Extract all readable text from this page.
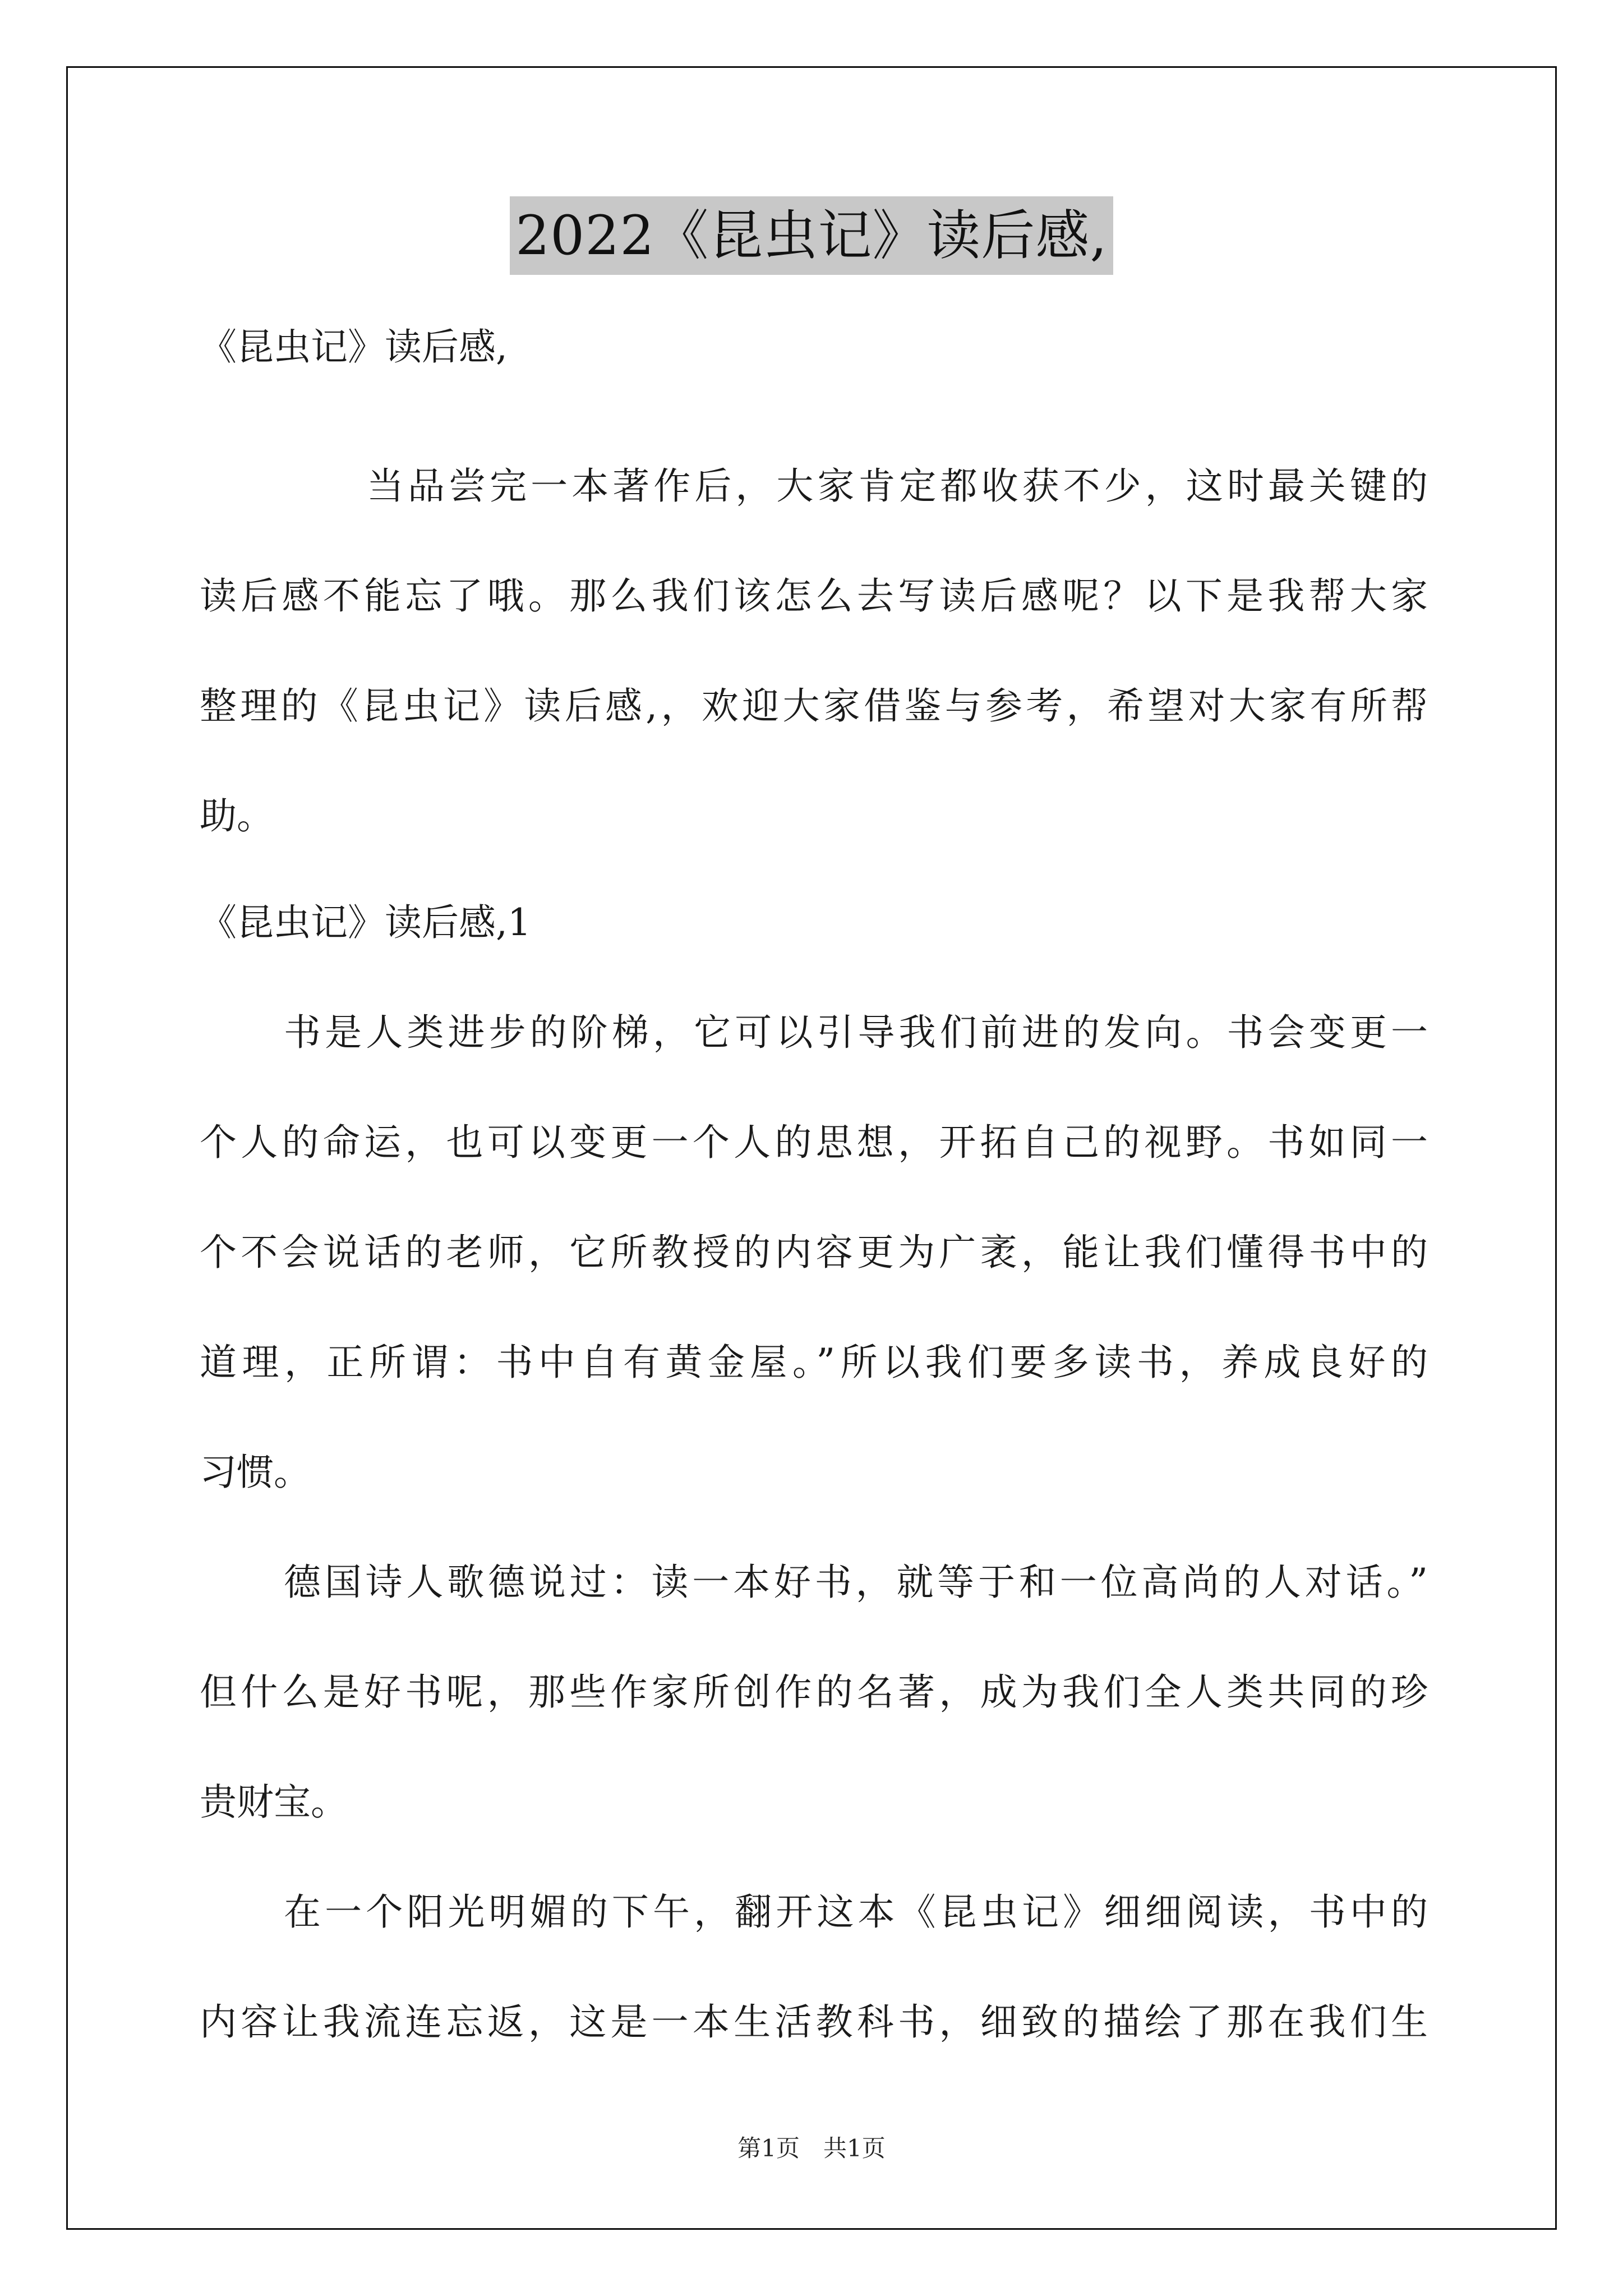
2022《昆虫记》读后感,
《昆虫记》读后感,
当品尝完一本著作后，大家肯定都收获不少，这时最关键的
读后感不能忘了哦。那么我们该怎么去写读后感呢？以下是我帮大家
整理的《昆虫记》读后感,，欢迎大家借鉴与参考，希望对大家有所帮
助。
《昆虫记》读后感,1
书是人类进步的阶梯，它可以引导我们前进的发向。书会变更一
个人的命运，也可以变更一个人的思想，开拓自己的视野。书如同一
个不会说话的老师，它所教授的内容更为广袤，能让我们懂得书中的
道理，正所谓：书中自有黄金屋。”所以我们要多读书，养成良好的
习惯。
德国诗人歌德说过：读一本好书，就等于和一位高尚的人对话。”
但什么是好书呢，那些作家所创作的名著，成为我们全人类共同的珍
贵财宝。
在一个阳光明媚的下午，翻开这本《昆虫记》细细阅读，书中的
内容让我流连忘返，这是一本生活教科书，细致的描绘了那在我们生
第1页　共1页
